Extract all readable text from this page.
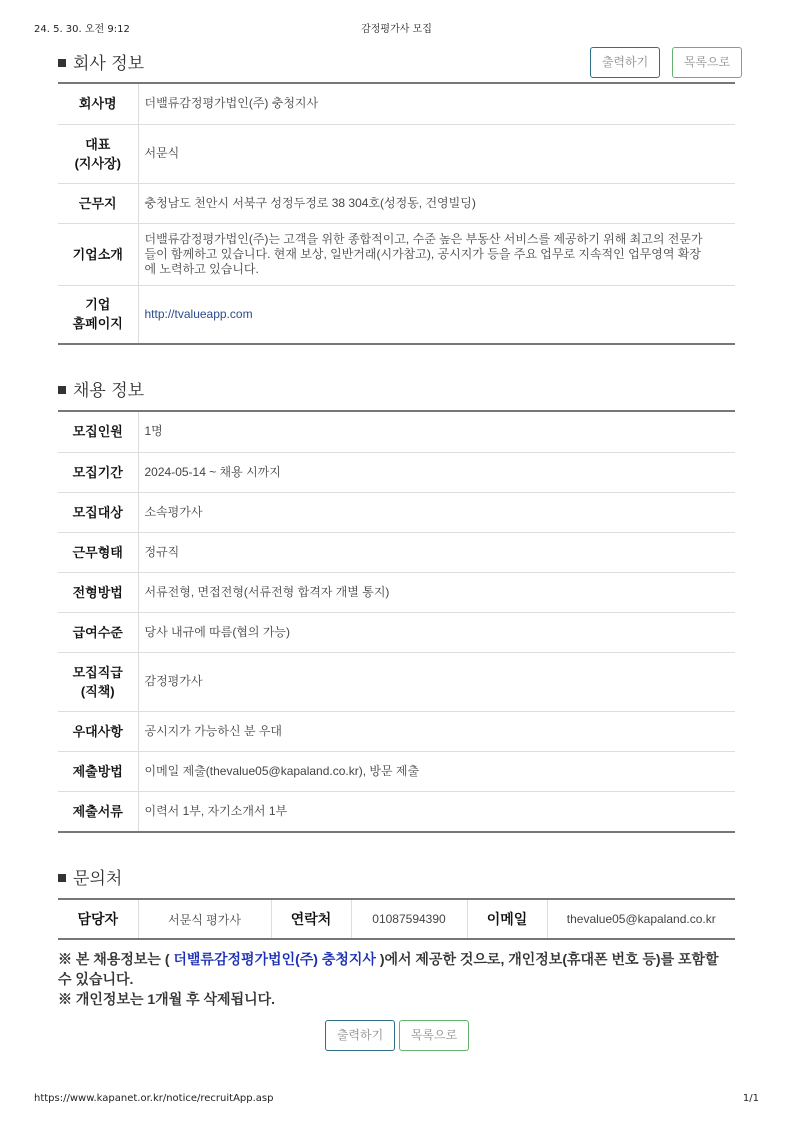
24. 5. 30. 오전 9:12	감정평가사 모집
회사 정보	출력하기	목록으로
회사명	더밸류감정평가법인(주) 충청지사

대표
(지사장)	서문식
근무지	충청남도 천안시 서북구 성정두정로 38 304호(성정동, 건영빌딩)
기업소개	더밸류감정평가법인(주)는 고객을 위한 종합적이고, 수준 높은 부동산 서비스를 제공하기 위해 최고의 전문가
들이 함께하고 있습니다. 현재 보상, 일반거래(시가참고), 공시지가 등을 주요 업무로 지속적인 업무영역 확장
에 노력하고 있습니다.

기업
홈페이지	http://tvalueapp.com
채용 정보
모집인원	1명
모집기간	2024-05-14 ~ 채용 시까지
모집대상	소속평가사
근무형태	정규직
전형방법	서류전형, 면접전형(서류전형 합격자 개별 통지)
급여수준	당사 내규에 따름(협의 가능)

모집직급
(직책)	감정평가사
우대사항	공시지가 가능하신 분 우대
제출방법	이메일 제출(thevalue05@kapaland.co.kr), 방문 제출
제출서류	이력서 1부, 자기소개서 1부
문의처
담당자	서문식 평가사	연락처	01087594390	이메일	thevalue05@kapaland.co.kr
※ 본 채용정보는 ( 더밸류감정평가법인(주) 충청지사 )에서 제공한 것으로, 개인정보(휴대폰 번호 등)를 포함할
수 있습니다.
※ 개인정보는 1개월 후 삭제됩니다.
출력하기	목록으로
https://www.kapanet.or.kr/notice/recruitApp.asp	1/1
